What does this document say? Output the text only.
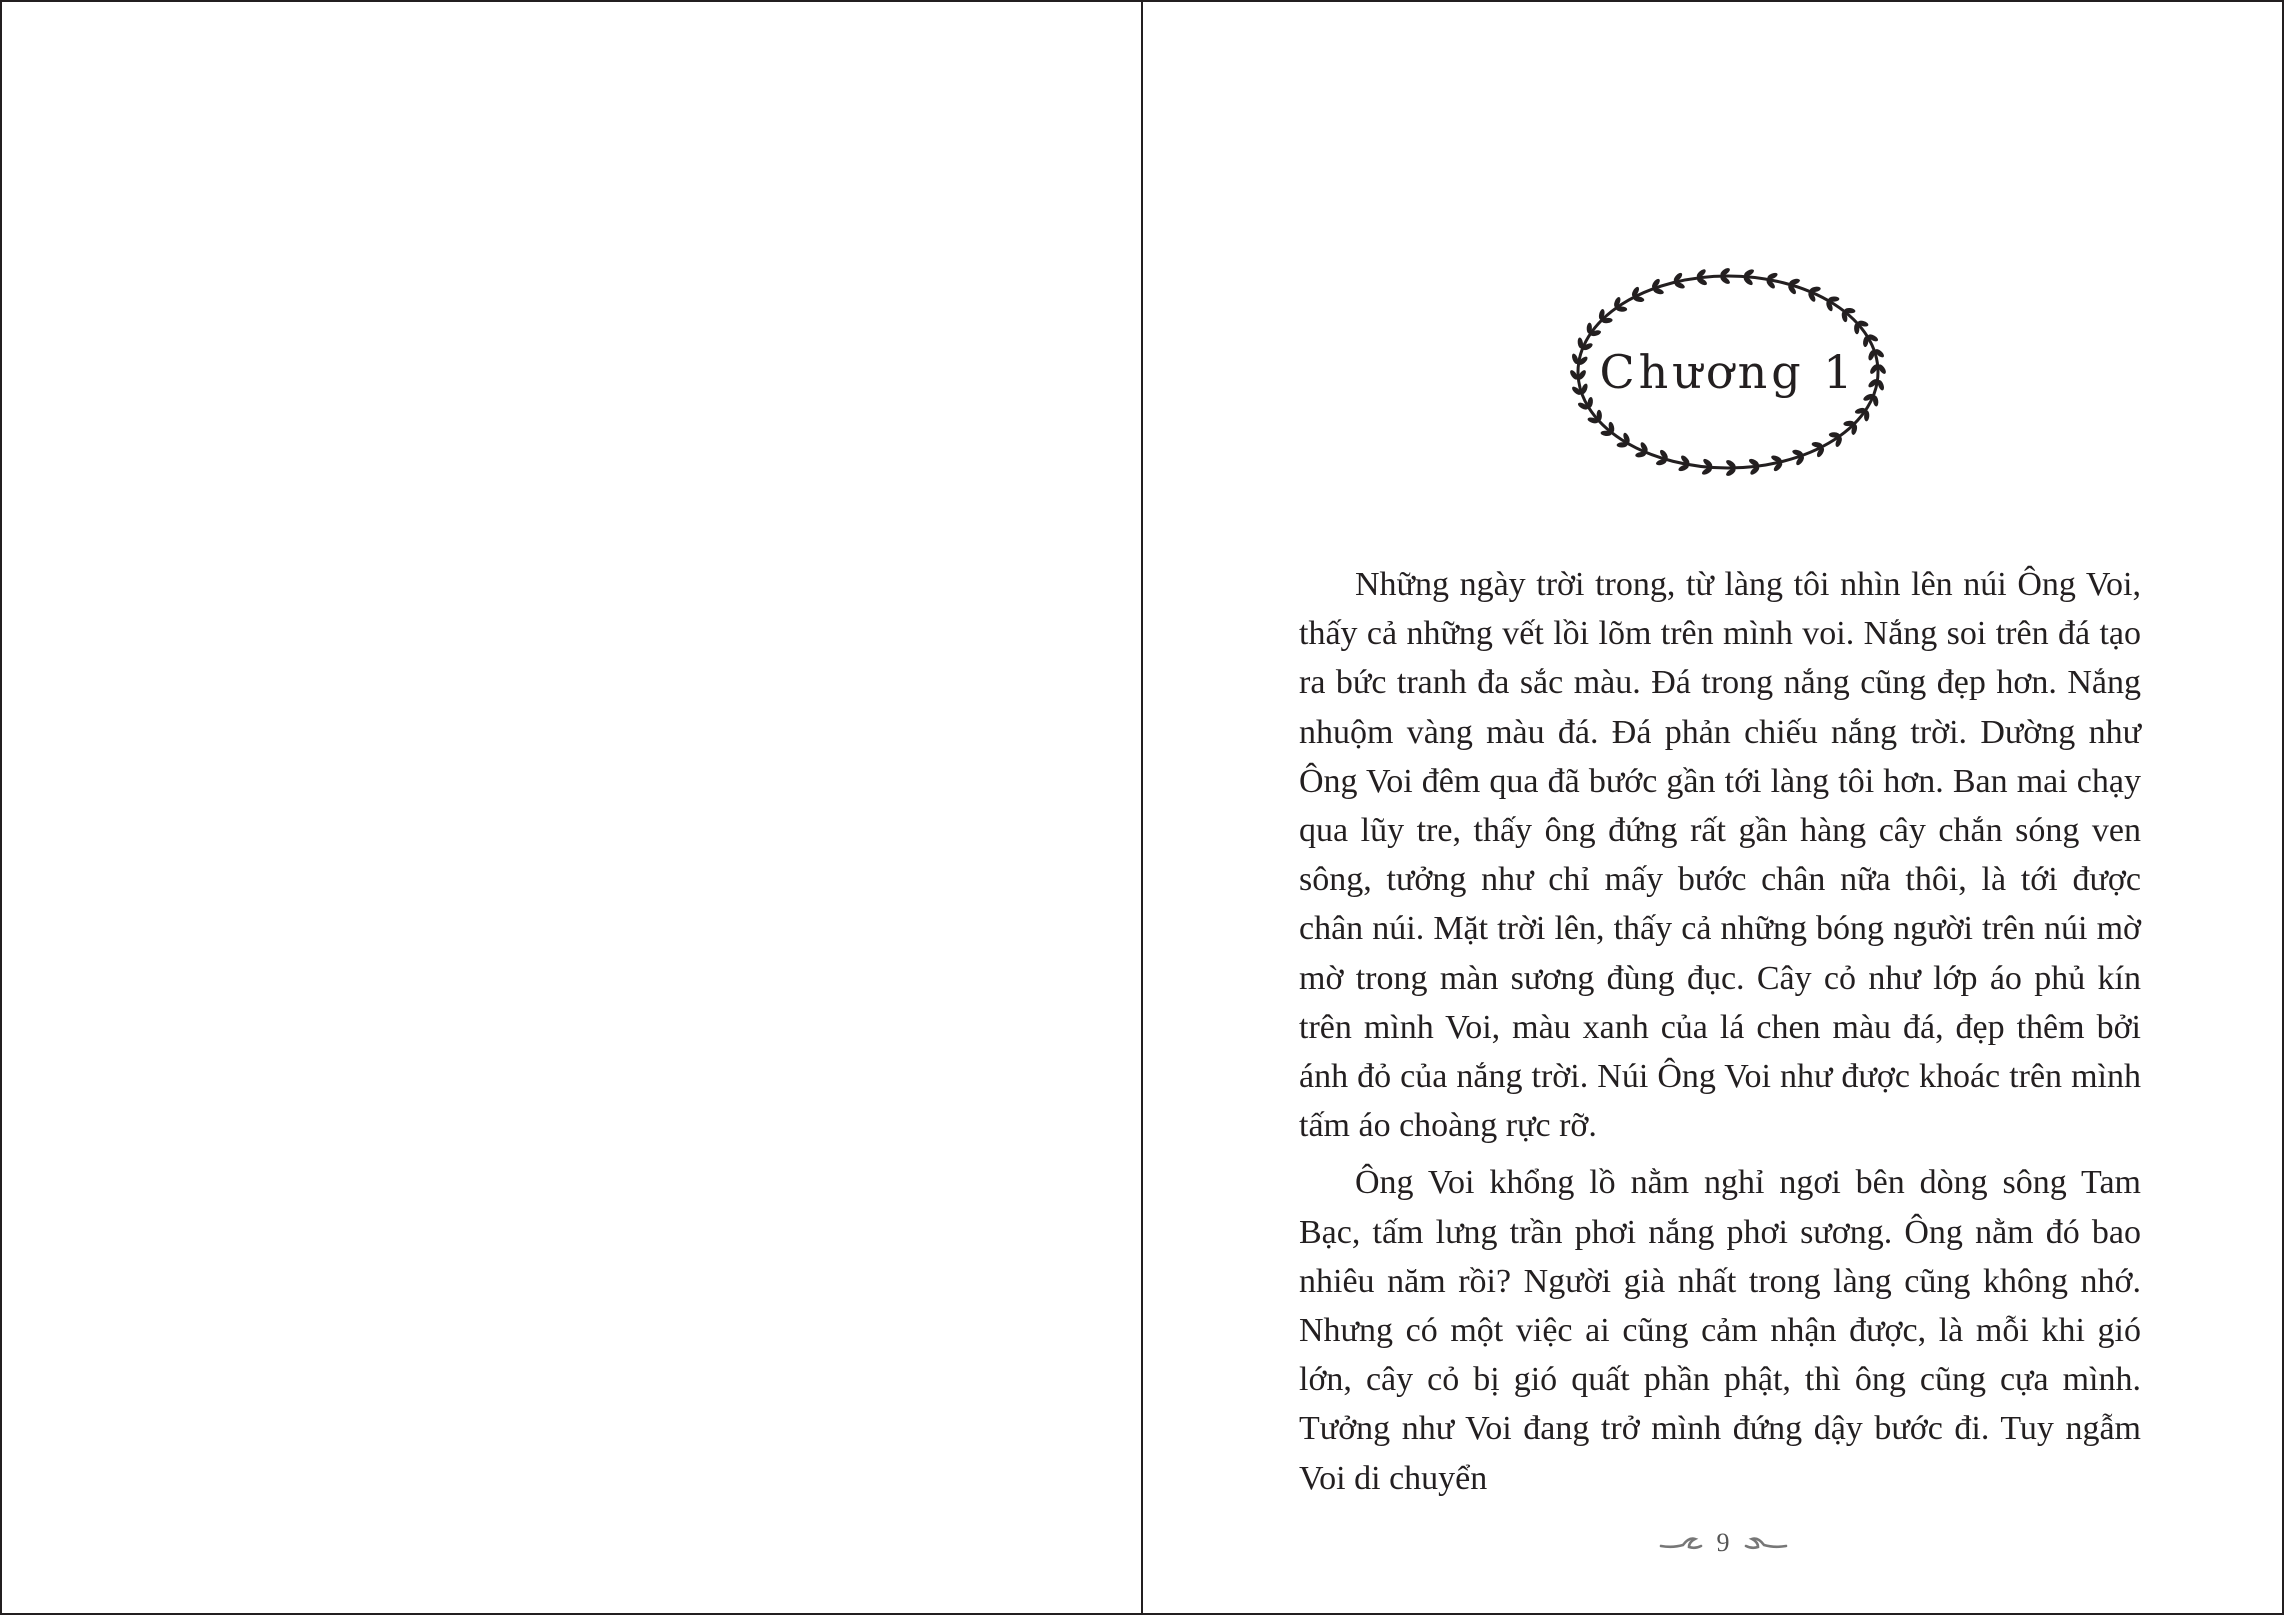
Chương 1

Những ngày trời trong, từ làng tôi nhìn lên núi Ông Voi, thấy cả những vết lồi lõm trên mình voi. Nắng soi trên đá tạo ra bức tranh đa sắc màu. Đá trong nắng cũng đẹp hơn. Nắng nhuộm vàng màu đá. Đá phản chiếu nắng trời. Dường như Ông Voi đêm qua đã bước gần tới làng tôi hơn. Ban mai chạy qua lũy tre, thấy ông đứng rất gần hàng cây chắn sóng ven sông, tưởng như chỉ mấy bước chân nữa thôi, là tới được chân núi. Mặt trời lên, thấy cả những bóng người trên núi mờ mờ trong màn sương đùng đục. Cây cỏ như lớp áo phủ kín trên mình Voi, màu xanh của lá chen màu đá, đẹp thêm bởi ánh đỏ của nắng trời. Núi Ông Voi như được khoác trên mình tấm áo choàng rực rỡ.

Ông Voi khổng lồ nằm nghỉ ngơi bên dòng sông Tam Bạc, tấm lưng trần phơi nắng phơi sương. Ông nằm đó bao nhiêu năm rồi? Người già nhất trong làng cũng không nhớ. Nhưng có một việc ai cũng cảm nhận được, là mỗi khi gió lớn, cây cỏ bị gió quất phần phật, thì ông cũng cựa mình. Tưởng như Voi đang trở mình đứng dậy bước đi. Tuy ngẫm Voi di chuyển

9
